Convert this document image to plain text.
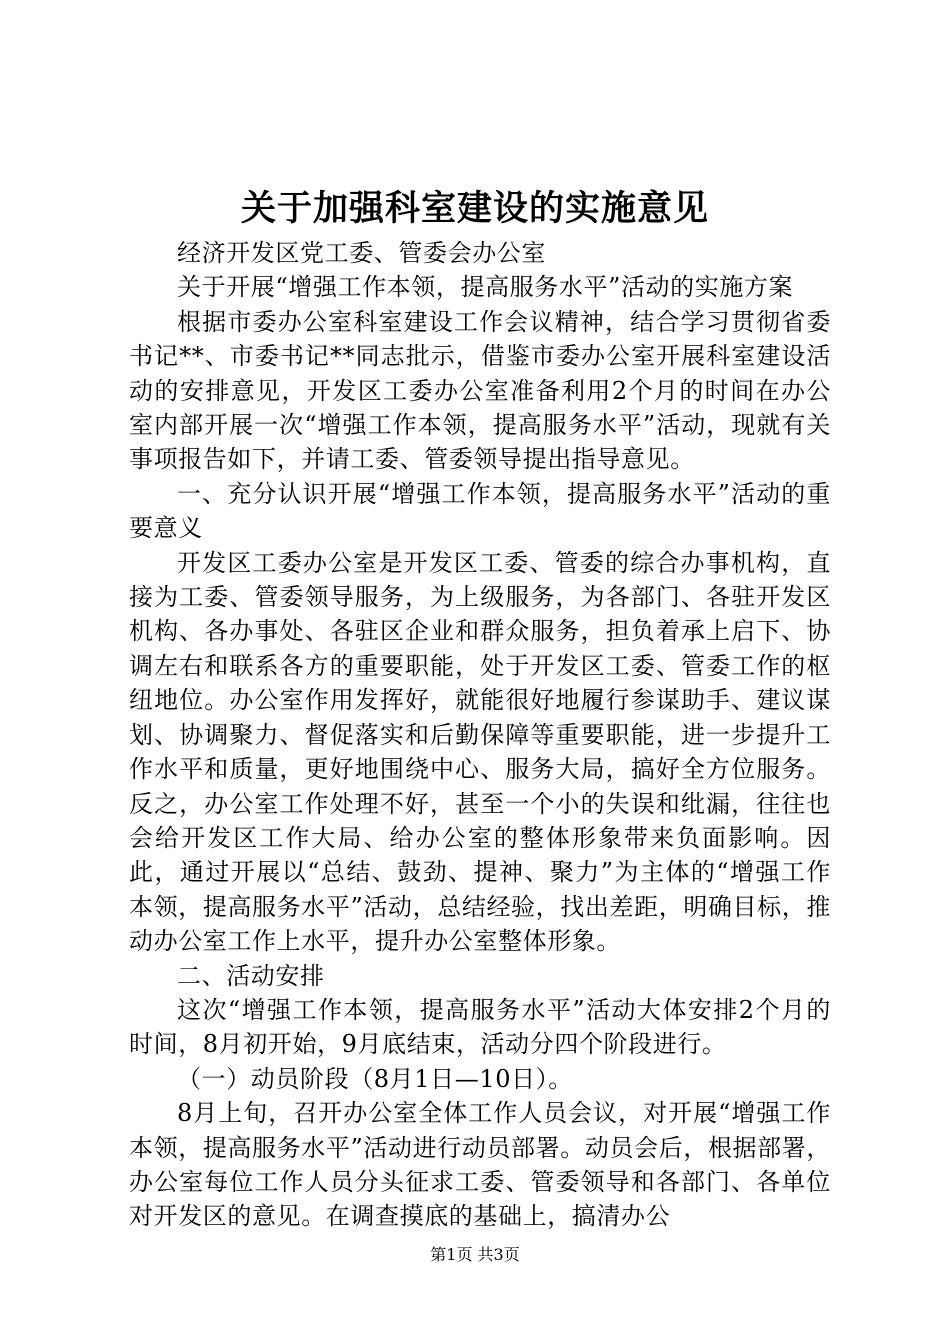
关于加强科室建设的实施意见

经济开发区党工委、管委会办公室

关于开展“增强工作本领，提高服务水平”活动的实施方案

根据市委办公室科室建设工作会议精神，结合学习贯彻省委书记**、市委书记**同志批示，借鉴市委办公室开展科室建设活动的安排意见，开发区工委办公室准备利用2个月的时间在办公室内部开展一次“增强工作本领，提高服务水平”活动，现就有关事项报告如下，并请工委、管委领导提出指导意见。

一、充分认识开展“增强工作本领，提高服务水平”活动的重要意义

开发区工委办公室是开发区工委、管委的综合办事机构，直接为工委、管委领导服务，为上级服务，为各部门、各驻开发区机构、各办事处、各驻区企业和群众服务，担负着承上启下、协调左右和联系各方的重要职能，处于开发区工委、管委工作的枢纽地位。办公室作用发挥好，就能很好地履行参谋助手、建议谋划、协调聚力、督促落实和后勤保障等重要职能，进一步提升工作水平和质量，更好地围绕中心、服务大局，搞好全方位服务。反之，办公室工作处理不好，甚至一个小的失误和纰漏，往往也会给开发区工作大局、给办公室的整体形象带来负面影响。因此，通过开展以“总结、鼓劲、提神、聚力”为主体的“增强工作本领，提高服务水平”活动，总结经验，找出差距，明确目标，推动办公室工作上水平，提升办公室整体形象。

二、活动安排

这次“增强工作本领，提高服务水平”活动大体安排2个月的时间，8月初开始，9月底结束，活动分四个阶段进行。

（一）动员阶段（8月1日—10日）。

8月上旬，召开办公室全体工作人员会议，对开展“增强工作本领，提高服务水平”活动进行动员部署。动员会后，根据部署，办公室每位工作人员分头征求工委、管委领导和各部门、各单位对开发区的意见。在调查摸底的基础上，搞清办公

第1页 共3页
